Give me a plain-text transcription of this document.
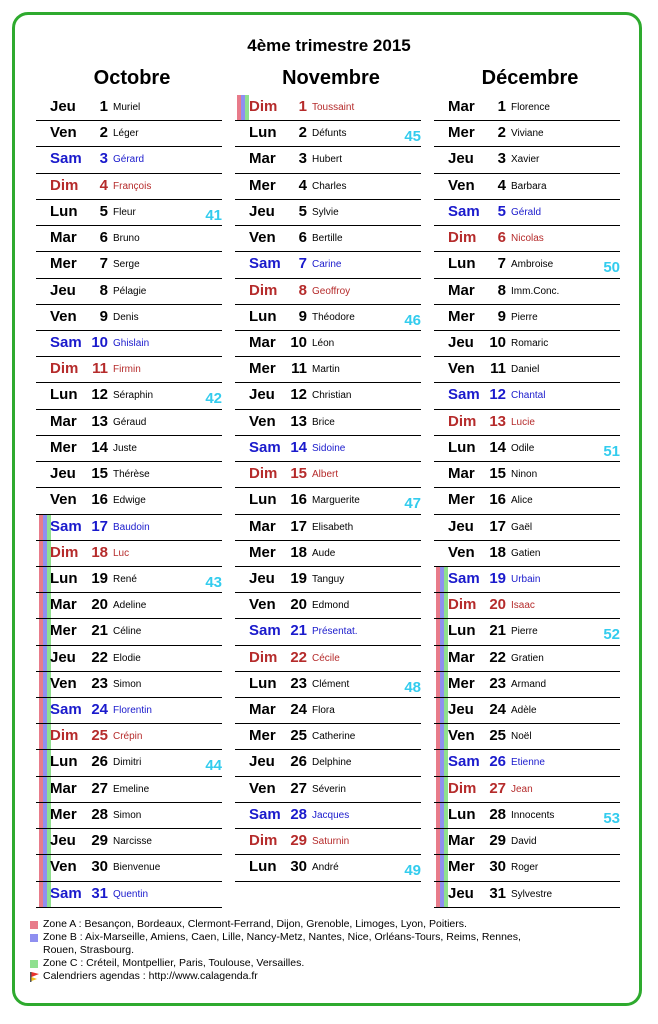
4ème trimestre 2015
Octobre	Novembre	Décembre
Jeu 1 Muriel
Ven 2 Léger
Sam 3 Gérard
Dim 4 François
Lun 5 Fleur	41
Mar 6 Bruno
Mer 7 Serge
Jeu 8 Pélagie
Ven 9 Denis
Sam 10 Ghislain
Dim 11 Firmin
Lun 12 Séraphin	42
Mar 13 Géraud
Mer 14 Juste
Jeu 15 Thérèse
Ven 16 Edwige
Sam 17 Baudoin
Dim 18 Luc
Lun 19 René	43
Mar 20 Adeline
Mer 21 Céline
Jeu 22 Elodie
Ven 23 Simon
Sam 24 Florentin
Dim 25 Crépin
Lun 26 Dimitri	44
Mar 27 Emeline
Mer 28 Simon
Jeu 29 Narcisse
Ven 30 Bienvenue
Sam 31 Quentin
Dim 1 Toussaint
Lun 2 Défunts	45
Mar 3 Hubert
Mer 4 Charles
Jeu 5 Sylvie
Ven 6 Bertille
Sam 7 Carine
Dim 8 Geoffroy
Lun 9 Théodore	46
Mar 10 Léon
Mer 11 Martin
Jeu 12 Christian
Ven 13 Brice
Sam 14 Sidoine
Dim 15 Albert
Lun 16 Marguerite	47
Mar 17 Elisabeth
Mer 18 Aude
Jeu 19 Tanguy
Ven 20 Edmond
Sam 21 Présentat.
Dim 22 Cécile
Lun 23 Clément	48
Mar 24 Flora
Mer 25 Catherine
Jeu 26 Delphine
Ven 27 Séverin
Sam 28 Jacques
Dim 29 Saturnin
Lun 30 André	49
Mar 1 Florence
Mer 2 Viviane
Jeu 3 Xavier
Ven 4 Barbara
Sam 5 Gérald
Dim 6 Nicolas
Lun 7 Ambroise	50
Mar 8 Imm.Conc.
Mer 9 Pierre
Jeu 10 Romaric
Ven 11 Daniel
Sam 12 Chantal
Dim 13 Lucie
Lun 14 Odile	51
Mar 15 Ninon
Mer 16 Alice
Jeu 17 Gaël
Ven 18 Gatien
Sam 19 Urbain
Dim 20 Isaac
Lun 21 Pierre	52
Mar 22 Gratien
Mer 23 Armand
Jeu 24 Adèle
Ven 25 Noël
Sam 26 Etienne
Dim 27 Jean
Lun 28 Innocents	53
Mar 29 David
Mer 30 Roger
Jeu 31 Sylvestre
Zone A : Besançon, Bordeaux, Clermont-Ferrand, Dijon, Grenoble, Limoges, Lyon, Poitiers.
Zone B : Aix-Marseille, Amiens, Caen, Lille, Nancy-Metz, Nantes, Nice, Orléans-Tours, Reims, Rennes,
Rouen, Strasbourg.
Zone C : Créteil, Montpellier, Paris, Toulouse, Versailles.
Calendriers agendas : http://www.calagenda.fr
